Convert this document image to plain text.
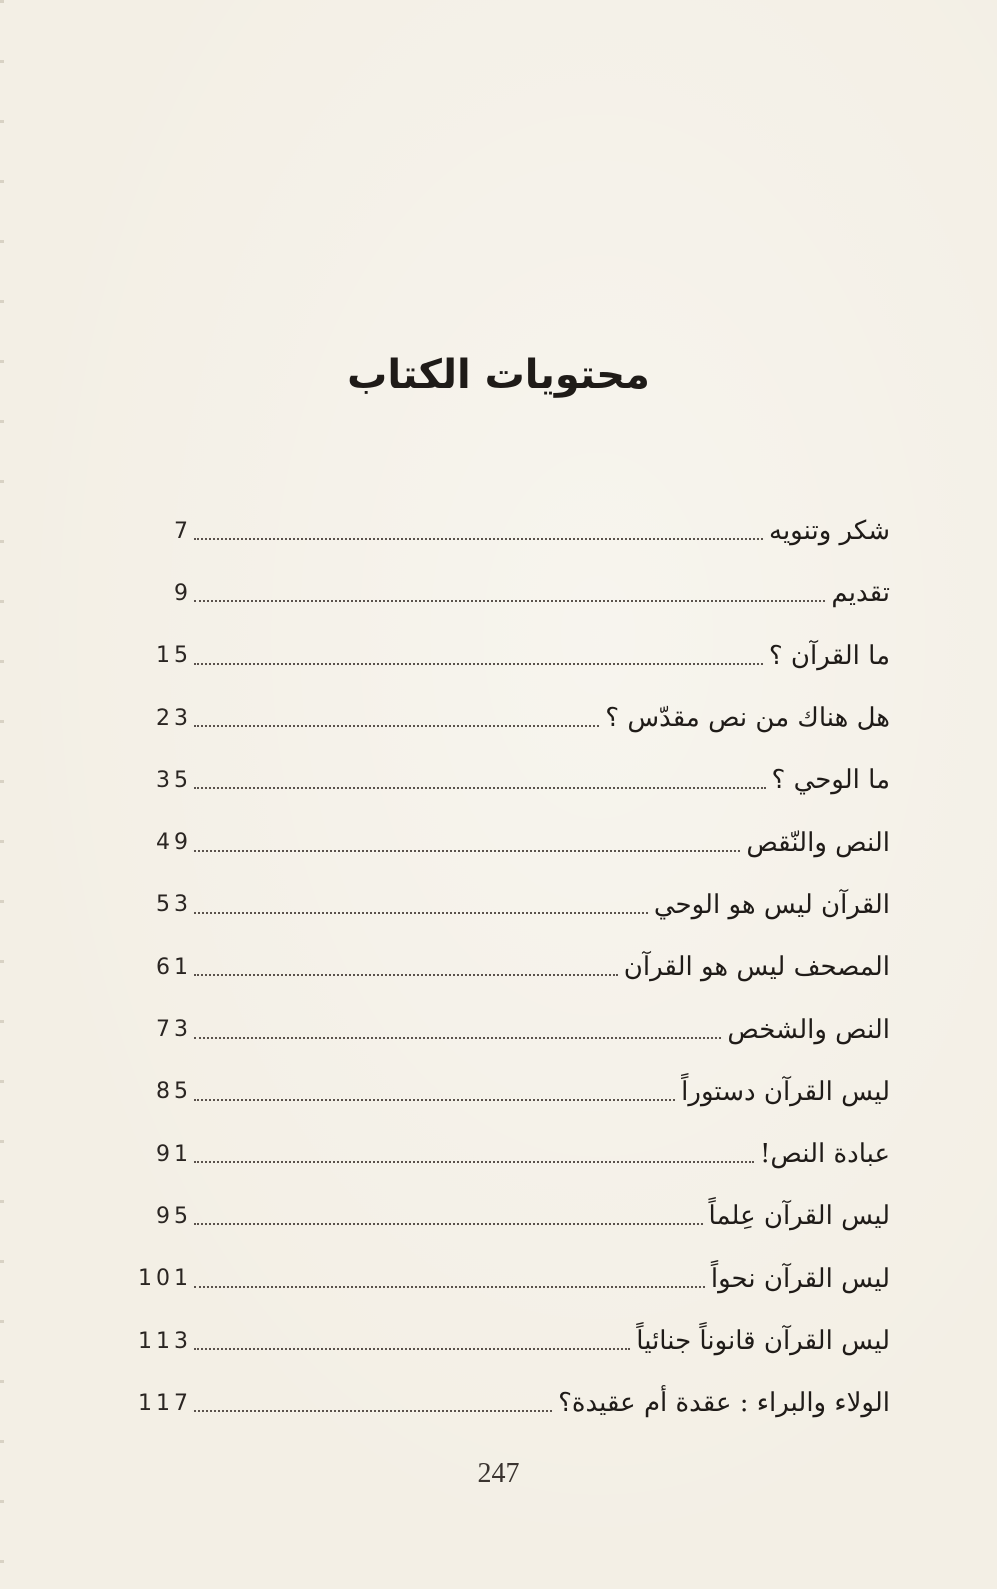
محتويات الكتاب
7	شكر وتنويه
9	تقديم
15	ما القرآن ؟
23	هل هناك من نص مقدّس ؟
35	ما الوحي ؟
49	النص والنّقص
53	القرآن ليس هو الوحي
61	المصحف ليس هو القرآن
73	النص والشخص
85	ليس القرآن دستوراً
91	عبادة النص!
95	ليس القرآن عِلماً
101	ليس القرآن نحواً
113	ليس القرآن قانوناً جنائياً
117	الولاء والبراء : عقدة أم عقيدة؟
247
